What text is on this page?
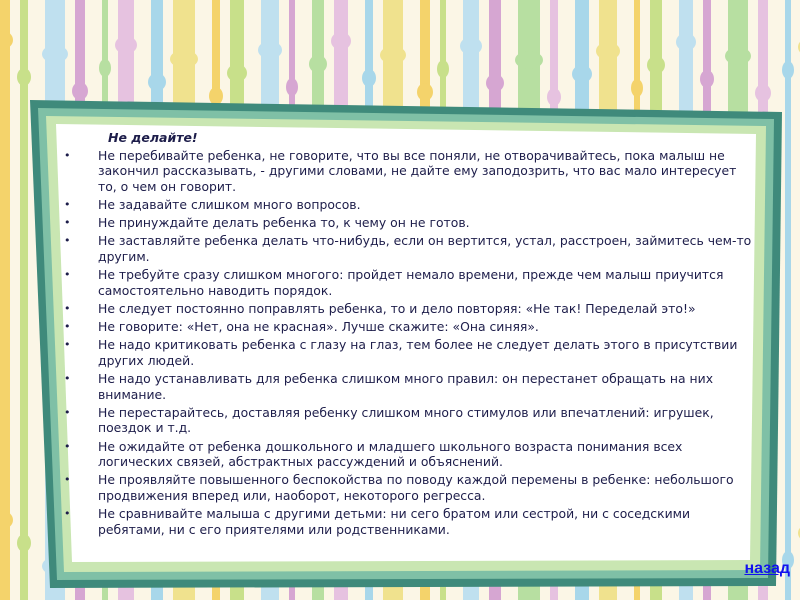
Не делайте!
•	Не перебивайте ребенка, не говорите, что вы все поняли, не отворачивайтесь, пока малыш не закончил рассказывать, - другими словами, не дайте ему заподозрить, что вас мало интересует то, о чем он говорит.
•	Не задавайте слишком много вопросов.
•	Не принуждайте делать ребенка то, к чему он не готов.
•	Не заставляйте ребенка делать что-нибудь, если он вертится, устал, расстроен, займитесь чем-то другим.
•	Не требуйте сразу слишком многого: пройдет немало времени, прежде чем малыш приучится самостоятельно наводить порядок.
•	Не следует постоянно поправлять ребенка, то и дело повторяя: «Не так! Переделай это!»
•	Не говорите: «Нет, она не красная». Лучше скажите: «Она синяя».
•	Не надо критиковать ребенка с глазу на глаз, тем более не следует делать этого в присутствии других людей.
•	Не надо устанавливать для ребенка слишком много правил: он перестанет обращать на них внимание.
•	Не перестарайтесь, доставляя ребенку слишком много стимулов или впечатлений: игрушек, поездок и т.д.
•	Не ожидайте от ребенка дошкольного и младшего школьного возраста понимания всех логических связей, абстрактных рассуждений и объяснений.
•	Не проявляйте повышенного беспокойства по поводу каждой перемены в ребенке: небольшого продвижения вперед или, наоборот, некоторого регресса.
•	Не сравнивайте малыша с другими детьми: ни сего братом или сестрой, ни с соседскими ребятами, ни с его приятелями или родственниками.
назад
